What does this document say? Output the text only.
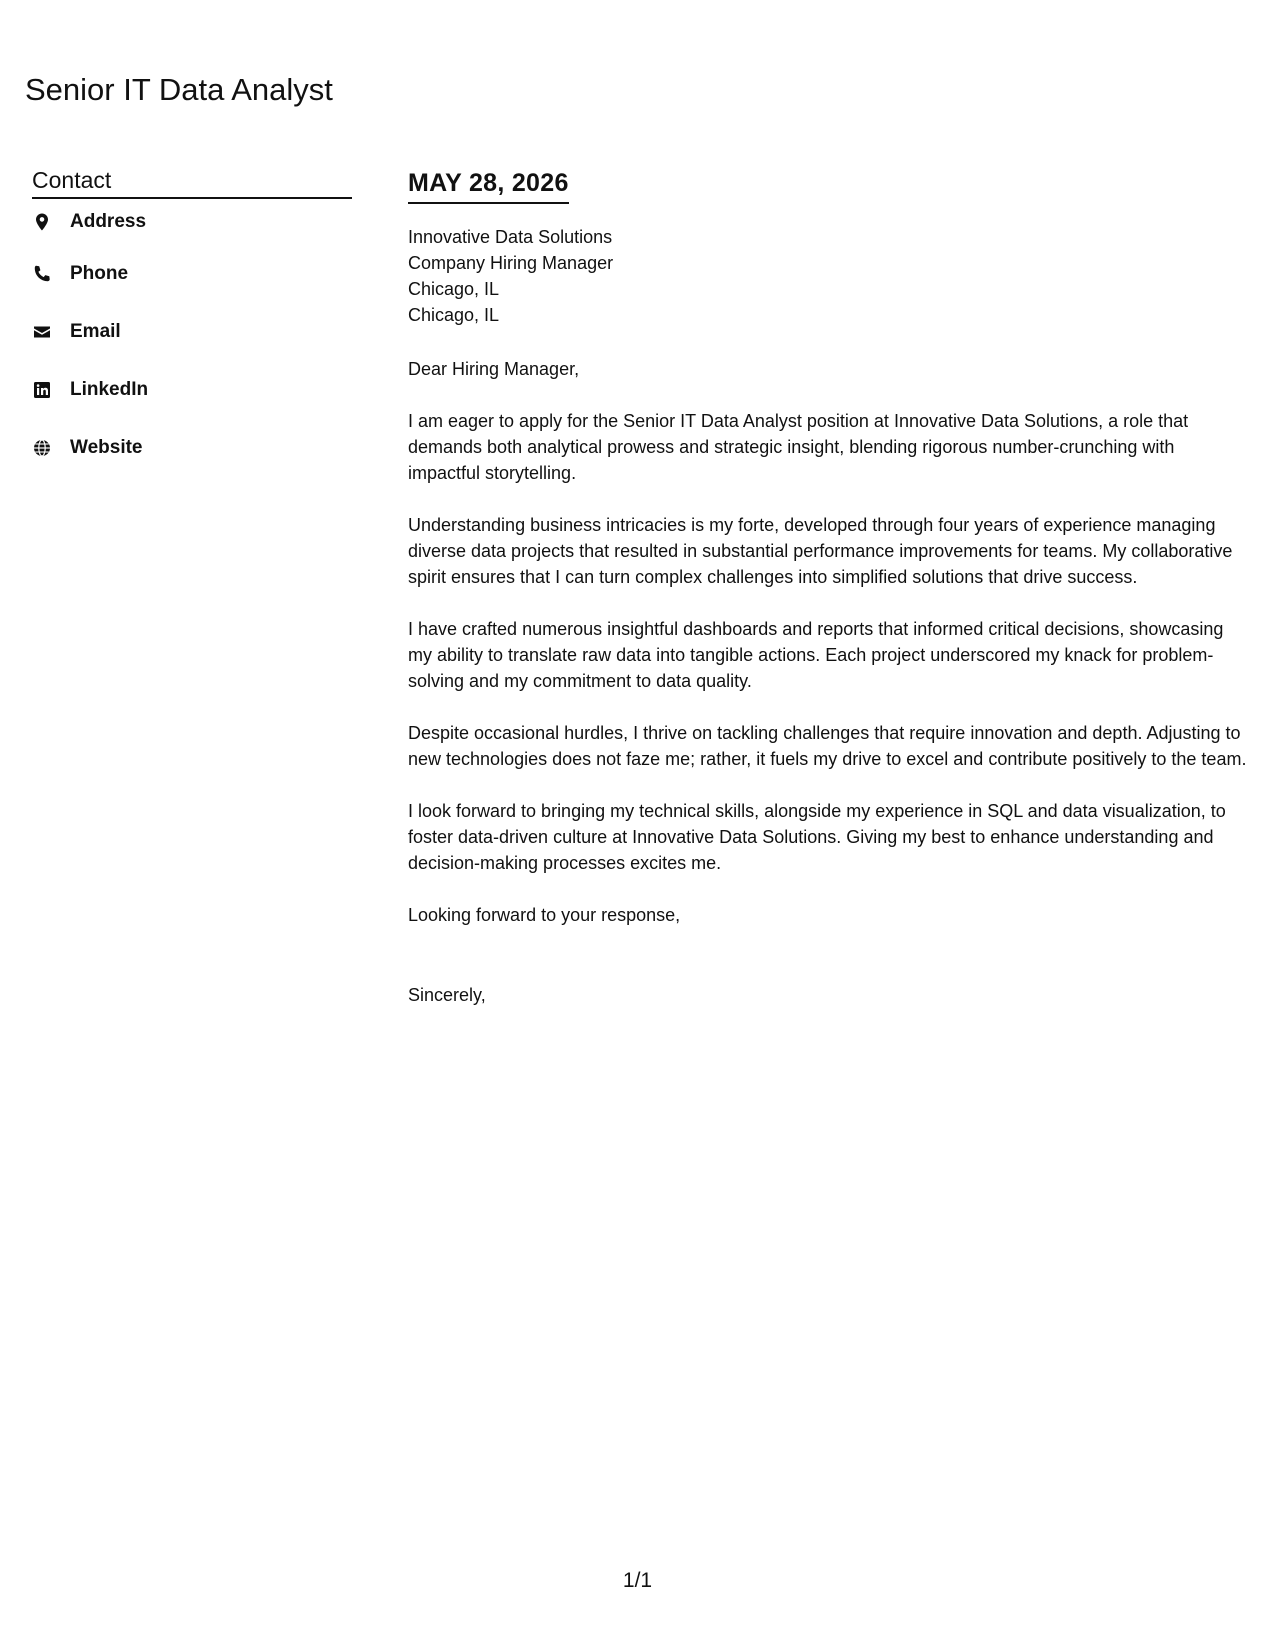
Senior IT Data Analyst
Contact
Address
Phone
Email
LinkedIn
Website
MAY 28, 2026
Innovative Data Solutions
Company Hiring Manager
Chicago, IL
Chicago, IL

Dear Hiring Manager,

I am eager to apply for the Senior IT Data Analyst position at Innovative Data Solutions, a role that demands both analytical prowess and strategic insight, blending rigorous number-crunching with impactful storytelling.

Understanding business intricacies is my forte, developed through four years of experience managing diverse data projects that resulted in substantial performance improvements for teams. My collaborative spirit ensures that I can turn complex challenges into simplified solutions that drive success.

I have crafted numerous insightful dashboards and reports that informed critical decisions, showcasing my ability to translate raw data into tangible actions. Each project underscored my knack for problem-solving and my commitment to data quality.

Despite occasional hurdles, I thrive on tackling challenges that require innovation and depth. Adjusting to new technologies does not faze me; rather, it fuels my drive to excel and contribute positively to the team.

I look forward to bringing my technical skills, alongside my experience in SQL and data visualization, to foster data-driven culture at Innovative Data Solutions. Giving my best to enhance understanding and decision-making processes excites me.

Looking forward to your response,

Sincerely,

1/1
